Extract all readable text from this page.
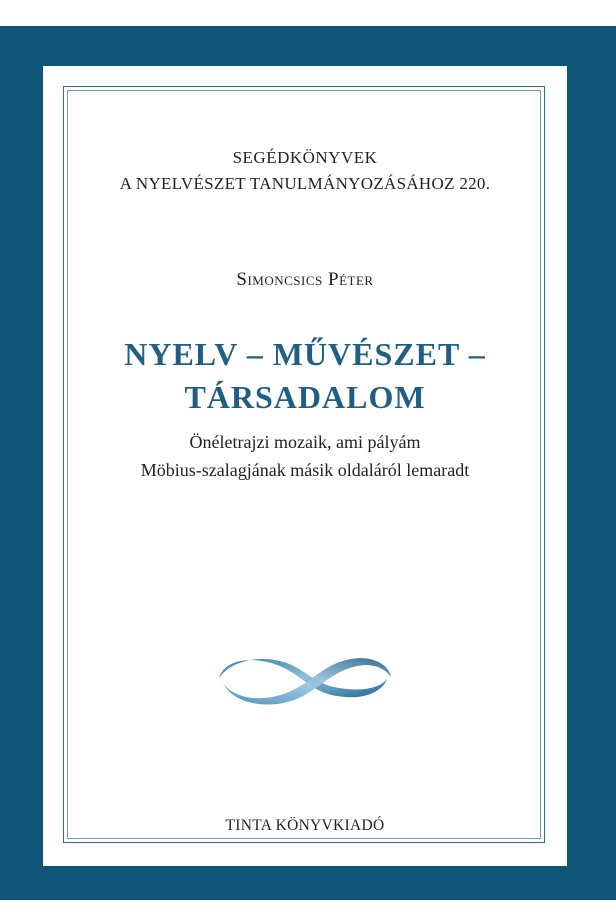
SEGÉDKÖNYVEK
A NYELVÉSZET TANULMÁNYOZÁSÁHOZ 220.
Simoncsics Péter
NYELV – MŰVÉSZET –
TÁRSADALOM
Önéletrajzi mozaik, ami pályám
Möbius-szalagjának másik oldaláról lemaradt
TINTA KÖNYVKIADÓ
